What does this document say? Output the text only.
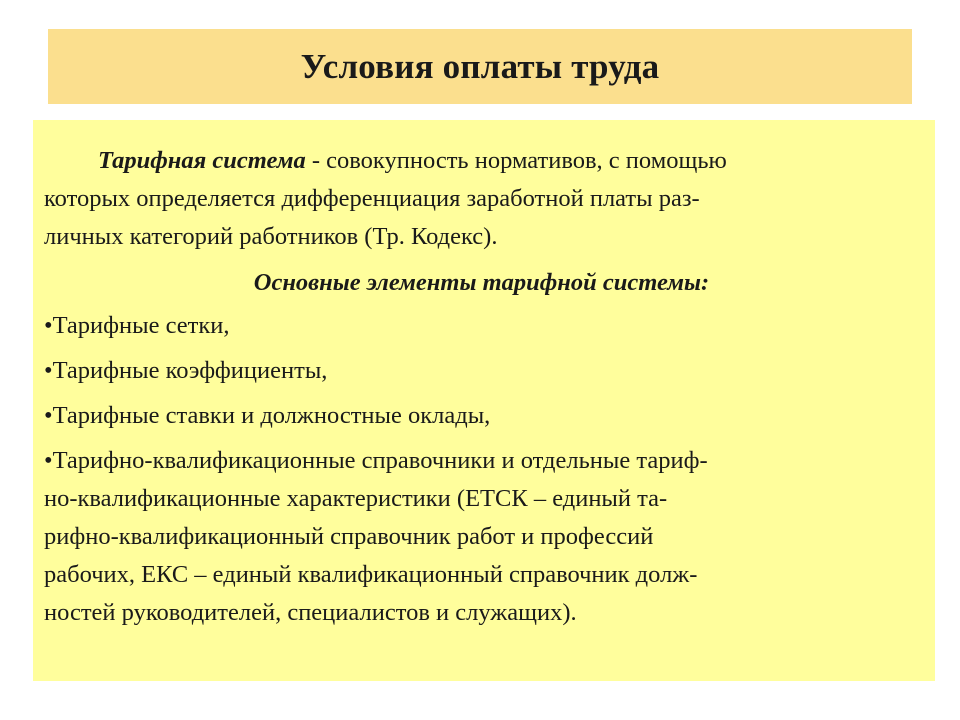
Условия оплаты труда

Тарифная система - совокупность нормативов, с помощью
которых определяется дифференциация заработной платы раз-
личных категорий работников (Тр. Кодекс).

Основные элементы тарифной системы:
•Тарифные сетки,
•Тарифные коэффициенты,
•Тарифные ставки и должностные оклады,
•Тарифно-квалификационные справочники и отдельные тариф-
но-квалификационные характеристики (ЕТСК – единый та-
рифно-квалификационный справочник работ и профессий
рабочих, ЕКС – единый квалификационный справочник долж-
ностей руководителей, специалистов и служащих).
